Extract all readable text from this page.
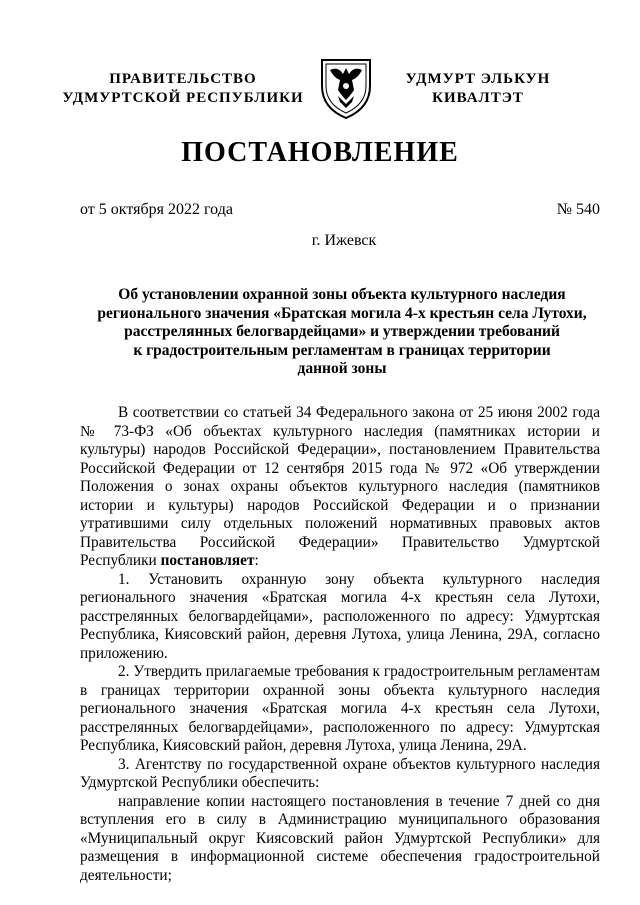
ПРАВИТЕЛЬСТВО
УДМУРТСКОЙ РЕСПУБЛИКИ
УДМУРТ ЭЛЬКУН
КИВАЛТЭТ
ПОСТАНОВЛЕНИЕ
от 5 октября 2022 года	№ 540
г. Ижевск
Об установлении охранной зоны объекта культурного наследия
регионального значения «Братская могила 4-х крестьян села Лутохи,
расстрелянных белогвардейцами» и утверждении требований
к градостроительным регламентам в границах территории
данной зоны

В соответствии со статьей 34 Федерального закона от 25 июня 2002 года № 73-ФЗ «Об объектах культурного наследия (памятниках истории и культуры) народов Российской Федерации», постановлением Правительства Российской Федерации от 12 сентября 2015 года № 972 «Об утверждении Положения о зонах охраны объектов культурного наследия (памятников истории и культуры) народов Российской Федерации и о признании утратившими силу отдельных положений нормативных правовых актов Правительства Российской Федерации» Правительство Удмуртской Республики постановляет:

1. Установить охранную зону объекта культурного наследия регионального значения «Братская могила 4-х крестьян села Лутохи, расстрелянных белогвардейцами», расположенного по адресу: Удмуртская Республика, Киясовский район, деревня Лутоха, улица Ленина, 29А, согласно приложению.

2. Утвердить прилагаемые требования к градостроительным регламентам в границах территории охранной зоны объекта культурного наследия регионального значения «Братская могила 4-х крестьян села Лутохи, расстрелянных белогвардейцами», расположенного по адресу: Удмуртская Республика, Киясовский район, деревня Лутоха, улица Ленина, 29А.

3. Агентству по государственной охране объектов культурного наследия Удмуртской Республики обеспечить:

направление копии настоящего постановления в течение 7 дней со дня вступления его в силу в Администрацию муниципального образования «Муниципальный округ Киясовский район Удмуртской Республики» для размещения в информационной системе обеспечения градостроительной деятельности;
